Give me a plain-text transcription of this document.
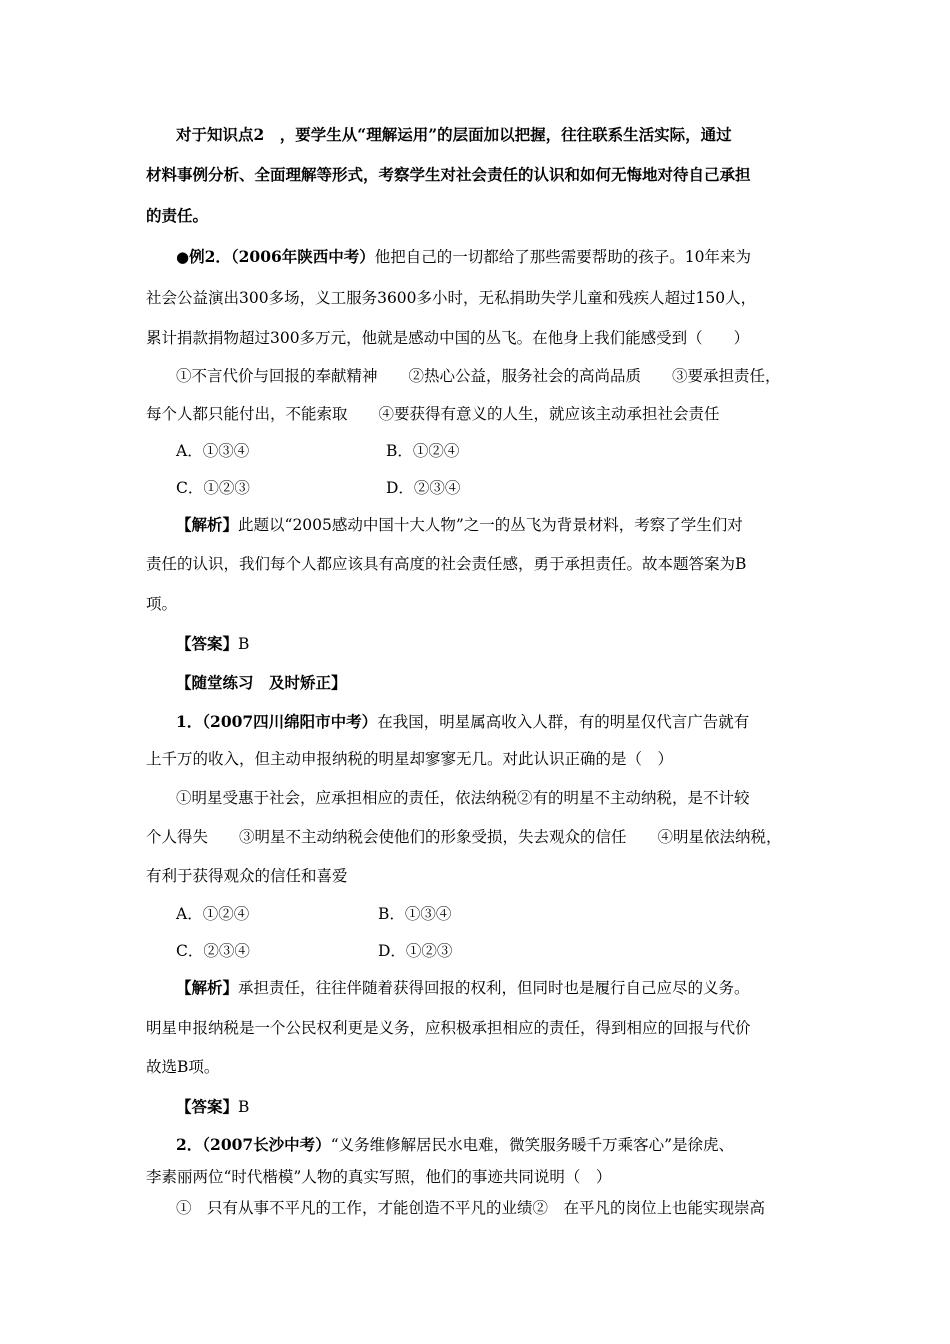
对于知识点2　，要学生从“理解运用”的层面加以把握，往往联系生活实际，通过
材料事例分析、全面理解等形式，考察学生对社会责任的认识和如何无悔地对待自己承担
的责任。
●例2．（2006年陕西中考）他把自己的一切都给了那些需要帮助的孩子。10年来为
社会公益演出300多场，义工服务3600多小时，无私捐助失学儿童和残疾人超过150人，
累计捐款捐物超过300多万元，他就是感动中国的丛飞。在他身上我们能感受到（　　）
①不言代价与回报的奉献精神　　②热心公益，服务社会的高尚品质　　③要承担责任，
每个人都只能付出，不能索取　　④要获得有意义的人生，就应该主动承担社会责任
A．①③④	B．①②④
C．①②③	D．②③④
【解析】此题以“2005感动中国十大人物”之一的丛飞为背景材料，考察了学生们对
责任的认识，我们每个人都应该具有高度的社会责任感，勇于承担责任。故本题答案为B
项。
【答案】B
【随堂练习　及时矫正】
1．（2007四川绵阳市中考）在我国，明星属高收入人群，有的明星仅代言广告就有
上千万的收入，但主动申报纳税的明星却寥寥无几。对此认识正确的是（　）
①明星受惠于社会，应承担相应的责任，依法纳税②有的明星不主动纳税，是不计较
个人得失　　③明星不主动纳税会使他们的形象受损，失去观众的信任　　④明星依法纳税，
有利于获得观众的信任和喜爱
A．①②④	B．①③④
C．②③④	D．①②③
【解析】承担责任，往往伴随着获得回报的权利，但同时也是履行自己应尽的义务。
明星申报纳税是一个公民权利更是义务，应积极承担相应的责任，得到相应的回报与代价
故选B项。
【答案】B
2．（2007长沙中考）“义务维修解居民水电难，微笑服务暖千万乘客心”是徐虎、
李素丽两位“时代楷模”人物的真实写照，他们的事迹共同说明（　）
①　只有从事不平凡的工作，才能创造不平凡的业绩②　在平凡的岗位上也能实现崇高
